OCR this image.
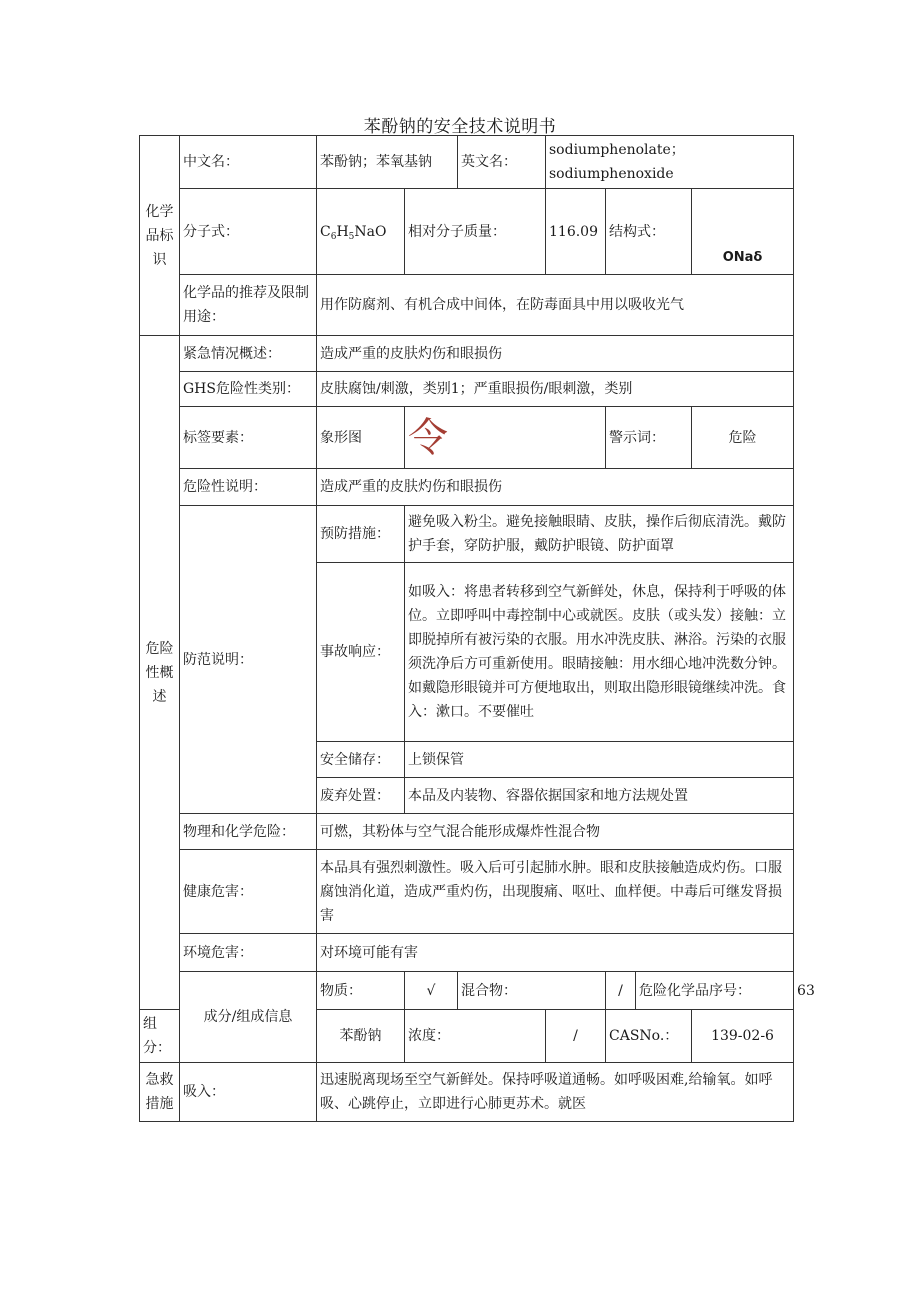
苯酚钠的安全技术说明书
化学品标识	中文名：	苯酚钠；苯氧基钠		英文名：	sodiumphenolate；sodiumphenoxide				
	分子式：	$C_6H_5NaO$	相对分子质量：		116.09	结构式：		ONaδ	
	化学品的推荐及限制用途：	用作防腐剂、有机合成中间体，在防毒面具中用以吸收光气							
危险性概述	紧急情况概述：	造成严重的皮肤灼伤和眼损伤							
	GHS危险性类别：	皮肤腐蚀/刺激，类别1；严重眼损伤/眼刺激，类别							
	标签要素：	象形图	令			警示词：		危险	
	危险性说明：	造成严重的皮肤灼伤和眼损伤							
	防范说明：	预防措施：	避免吸入粉尘。避免接触眼睛、皮肤，操作后彻底清洗。戴防护手套，穿防护服，戴防护眼镜、防护面罩						
		事故响应：	如吸入：将患者转移到空气新鲜处，休息，保持利于呼吸的体位。立即呼叫中毒控制中心或就医。皮肤（或头发）接触：立即脱掉所有被污染的衣服。用水冲洗皮肤、淋浴。污染的衣服须洗净后方可重新使用。眼睛接触：用水细心地冲洗数分钟。如戴隐形眼镜并可方便地取出，则取出隐形眼镜继续冲洗。食入：漱口。不要催吐						
		安全储存：	上锁保管						
		废弃处置：	本品及内装物、容器依据国家和地方法规处置						
	物理和化学危险：	可燃，其粉体与空气混合能形成爆炸性混合物							
	健康危害：	本品具有强烈刺激性。吸入后可引起肺水肿。眼和皮肤接触造成灼伤。口服腐蚀消化道，造成严重灼伤，出现腹痛、呕吐、血样便。中毒后可继发肾损害							
	环境危害：	对环境可能有害							
	成分/组成信息	物质：	√	混合物：		/	危险化学品序号：		63
组分：		苯酚钠	浓度：		/	CASNo.：		139-02-6	
急救措施	吸入：	迅速脱离现场至空气新鲜处。保持呼吸道通畅。如呼吸困难,给输氧。如呼吸、心跳停止，立即进行心肺更苏术。就医							
